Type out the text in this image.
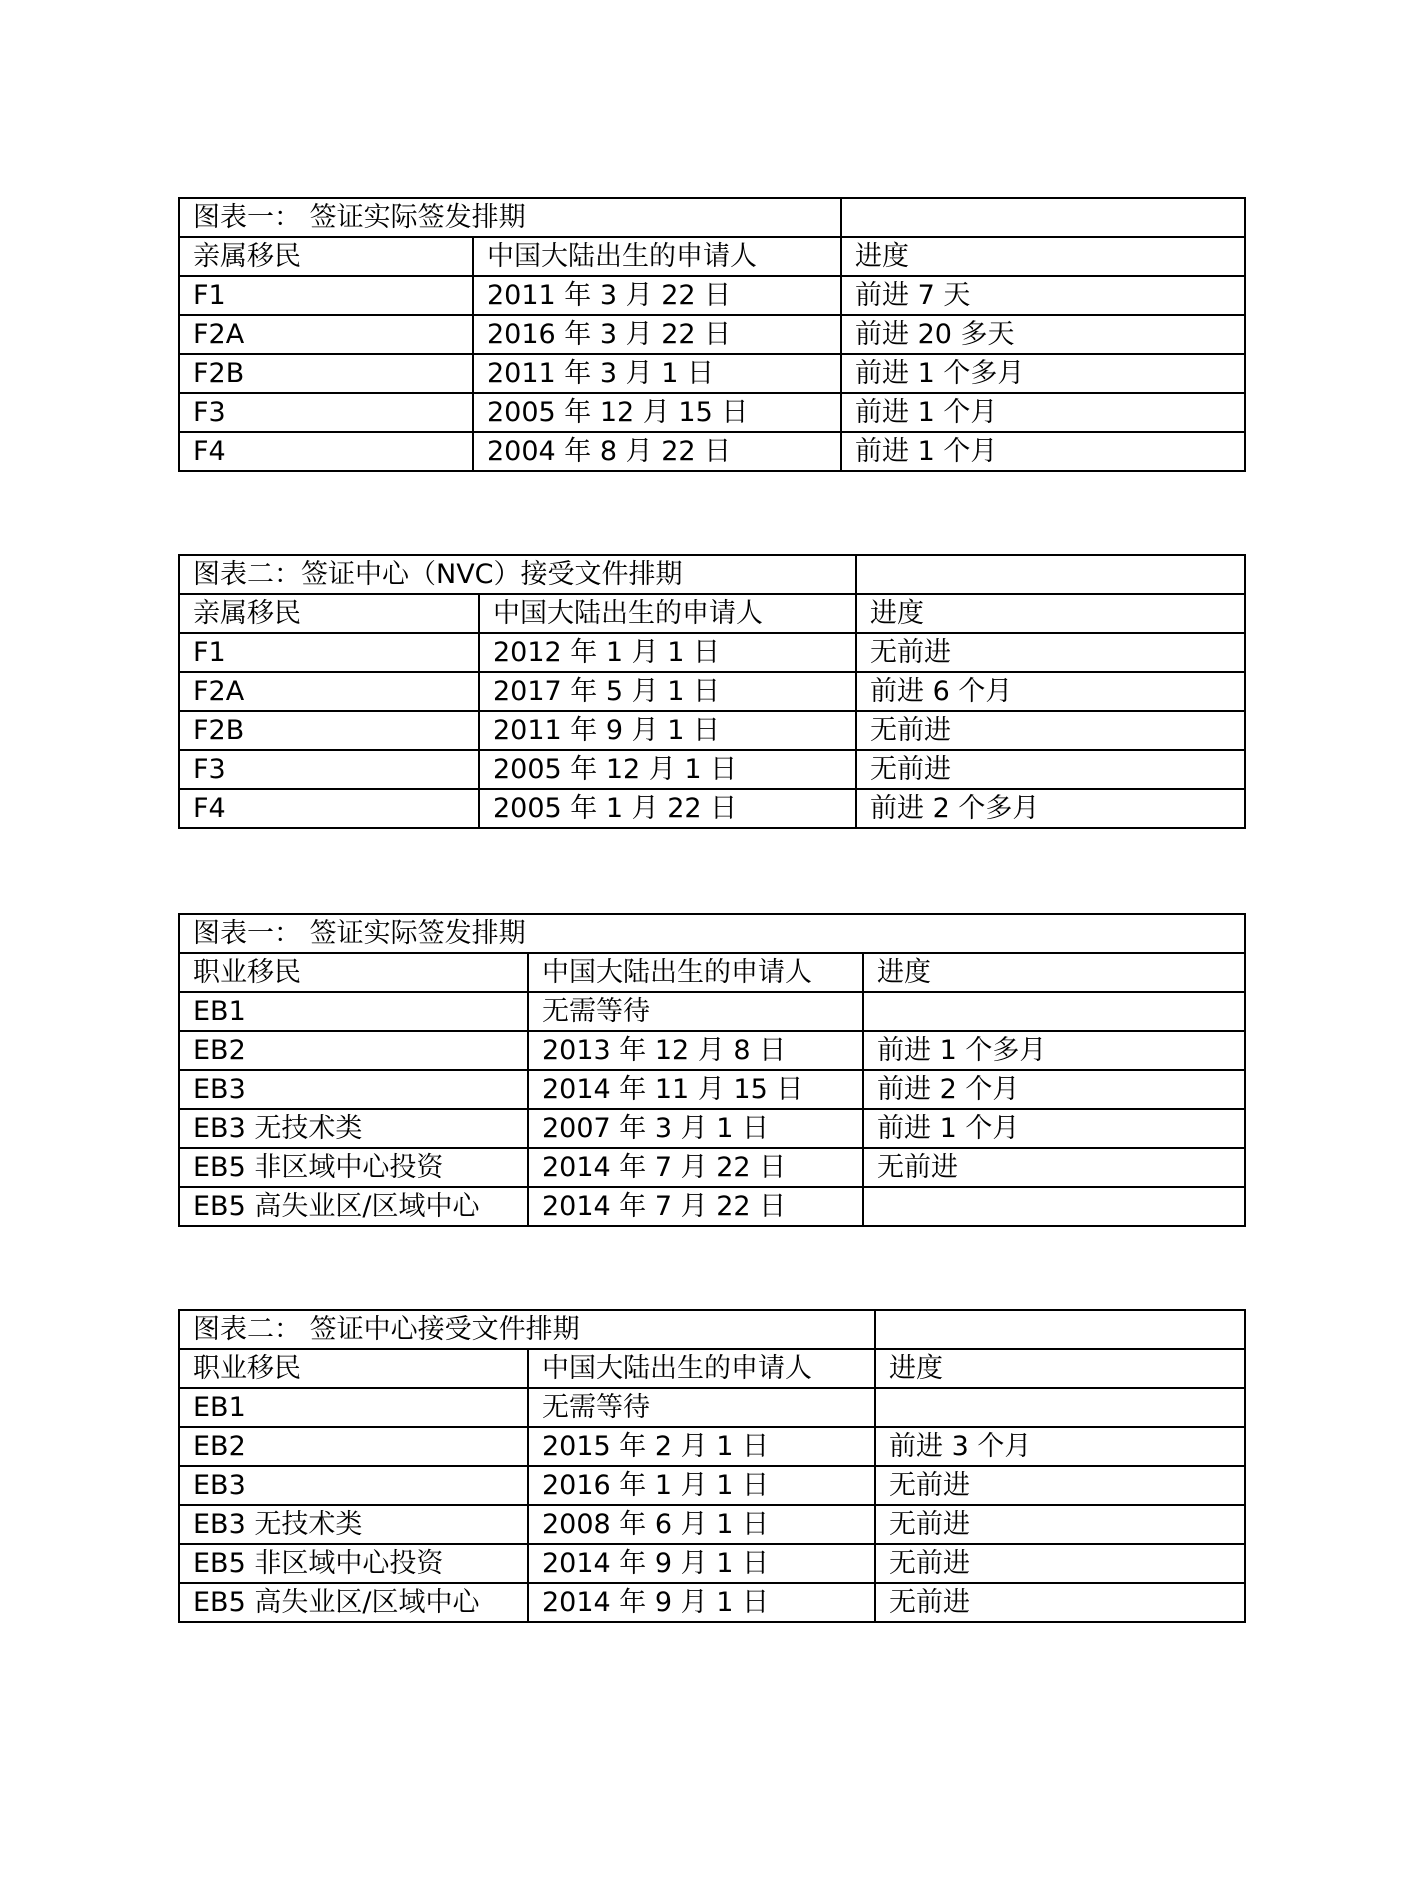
图表一： 签证实际签发排期		
亲属移民	中国大陆出生的申请人	进度
F1	2011 年 3 月 22 日	前进 7 天
F2A	2016 年 3 月 22 日	前进 20 多天
F2B	2011 年 3 月 1 日	前进 1 个多月
F3	2005 年 12 月 15 日	前进 1 个月
F4	2004 年 8 月 22 日	前进 1 个月
图表二：签证中心（NVC）接受文件排期		
亲属移民	中国大陆出生的申请人	进度
F1	2012 年 1 月 1 日	无前进
F2A	2017 年 5 月 1 日	前进 6 个月
F2B	2011 年 9 月 1 日	无前进
F3	2005 年 12 月 1 日	无前进
F4	2005 年 1 月 22 日	前进 2 个多月
图表一： 签证实际签发排期		
职业移民	中国大陆出生的申请人	进度
EB1	无需等待	
EB2	2013 年 12 月 8 日	前进 1 个多月
EB3	2014 年 11 月 15 日	前进 2 个月
EB3 无技术类	2007 年 3 月 1 日	前进 1 个月
EB5 非区域中心投资	2014 年 7 月 22 日	无前进
EB5 高失业区/区域中心	2014 年 7 月 22 日	
图表二： 签证中心接受文件排期		
职业移民	中国大陆出生的申请人	进度
EB1	无需等待	
EB2	2015 年 2 月 1 日	前进 3 个月
EB3	2016 年 1 月 1 日	无前进
EB3 无技术类	2008 年 6 月 1 日	无前进
EB5 非区域中心投资	2014 年 9 月 1 日	无前进
EB5 高失业区/区域中心	2014 年 9 月 1 日	无前进
